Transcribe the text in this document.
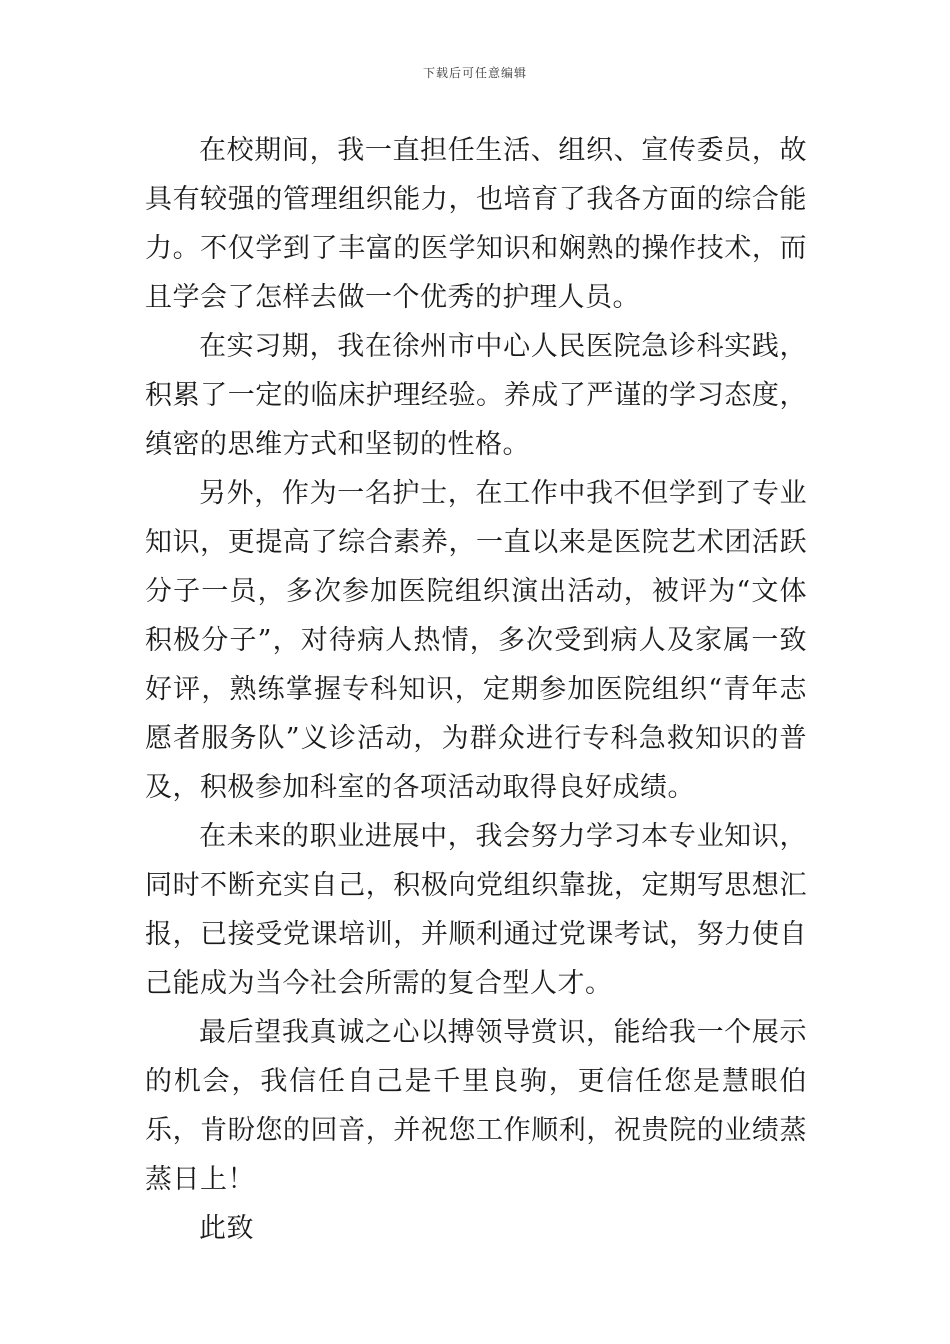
下载后可任意编辑

在校期间，我一直担任生活、组织、宣传委员，故具有较强的管理组织能力，也培育了我各方面的综合能力。不仅学到了丰富的医学知识和娴熟的操作技术，而且学会了怎样去做一个优秀的护理人员。

在实习期，我在徐州市中心人民医院急诊科实践，积累了一定的临床护理经验。养成了严谨的学习态度，缜密的思维方式和坚韧的性格。

另外，作为一名护士，在工作中我不但学到了专业知识，更提高了综合素养，一直以来是医院艺术团活跃分子一员，多次参加医院组织演出活动，被评为“文体积极分子”，对待病人热情，多次受到病人及家属一致好评，熟练掌握专科知识，定期参加医院组织“青年志愿者服务队”义诊活动，为群众进行专科急救知识的普及，积极参加科室的各项活动取得良好成绩。

在未来的职业进展中，我会努力学习本专业知识，同时不断充实自己，积极向党组织靠拢，定期写思想汇报，已接受党课培训，并顺利通过党课考试，努力使自己能成为当今社会所需的复合型人才。

最后望我真诚之心以搏领导赏识，能给我一个展示的机会，我信任自己是千里良驹，更信任您是慧眼伯乐，肯盼您的回音，并祝您工作顺利，祝贵院的业绩蒸蒸日上！

此致
